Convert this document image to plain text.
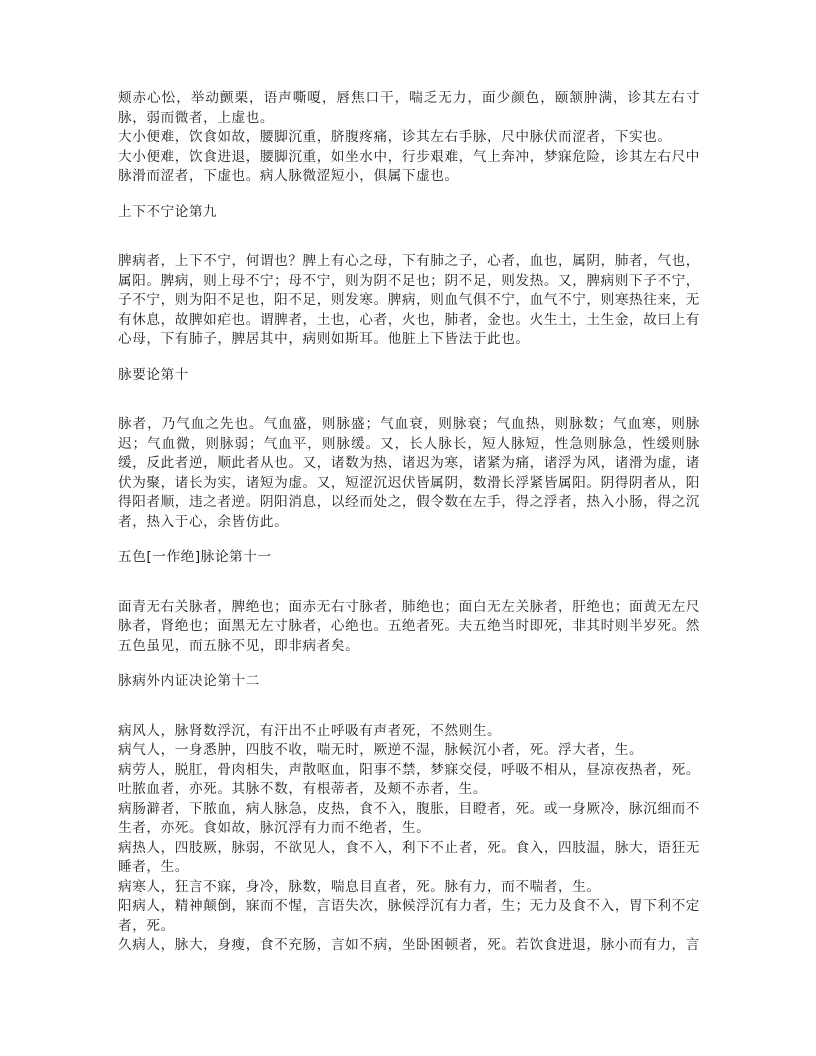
颊赤心忪，举动颤栗，语声嘶嗄，唇焦口干，喘乏无力，面少颜色，颐颔肿满，诊其左右寸脉，弱而微者，上虚也。

大小便难，饮食如故，腰脚沉重，脐腹疼痛，诊其左右手脉，尺中脉伏而涩者，下实也。

大小便难，饮食进退，腰脚沉重，如坐水中，行步艰难，气上奔冲，梦寐危险，诊其左右尺中脉滑而涩者，下虚也。病人脉微涩短小，俱属下虚也。

上下不宁论第九

脾病者，上下不宁，何谓也？脾上有心之母，下有肺之子，心者，血也，属阴，肺者，气也，属阳。脾病，则上母不宁；母不宁，则为阴不足也；阴不足，则发热。又，脾病则下子不宁，子不宁，则为阳不足也，阳不足，则发寒。脾病，则血气俱不宁，血气不宁，则寒热往来，无有休息，故脾如疟也。谓脾者，土也，心者，火也，肺者，金也。火生土，土生金，故曰上有心母，下有肺子，脾居其中，病则如斯耳。他脏上下皆法于此也。

脉要论第十

脉者，乃气血之先也。气血盛，则脉盛；气血衰，则脉衰；气血热，则脉数；气血寒，则脉迟；气血微，则脉弱；气血平，则脉缓。又，长人脉长，短人脉短，性急则脉急，性缓则脉缓，反此者逆，顺此者从也。又，诸数为热，诸迟为寒，诸紧为痛，诸浮为风，诸滑为虚，诸伏为聚，诸长为实，诸短为虚。又，短涩沉迟伏皆属阴，数滑长浮紧皆属阳。阴得阴者从，阳得阳者顺，违之者逆。阴阳消息，以经而处之，假令数在左手，得之浮者，热入小肠，得之沉者，热入于心，余皆仿此。

五色[一作绝]脉论第十一

面青无右关脉者，脾绝也；面赤无右寸脉者，肺绝也；面白无左关脉者，肝绝也；面黄无左尺脉者，肾绝也；面黑无左寸脉者，心绝也。五绝者死。夫五绝当时即死，非其时则半岁死。然五色虽见，而五脉不见，即非病者矣。

脉病外内证决论第十二

病风人，脉肾数浮沉，有汗出不止呼吸有声者死，不然则生。

病气人，一身悉肿，四肢不收，喘无时，厥逆不湿，脉候沉小者，死。浮大者，生。

病劳人，脱肛，骨肉相失，声散呕血，阳事不禁，梦寐交侵，呼吸不相从，昼凉夜热者，死。吐脓血者，亦死。其脉不数，有根蒂者，及颊不赤者，生。

病肠澼者，下脓血，病人脉急，皮热，食不入，腹胀，目瞪者，死。或一身厥冷，脉沉细而不生者，亦死。食如故，脉沉浮有力而不绝者，生。

病热人，四肢厥，脉弱，不欲见人，食不入，利下不止者，死。食入，四肢温，脉大，语狂无睡者，生。

病寒人，狂言不寐，身冷，脉数，喘息目直者，死。脉有力，而不喘者，生。

阳病人，精神颠倒，寐而不惺，言语失次，脉候浮沉有力者，生；无力及食不入，胃下利不定者，死。

久病人，脉大，身瘦，食不充肠，言如不病，坐卧困顿者，死。若饮食进退，脉小而有力，言
